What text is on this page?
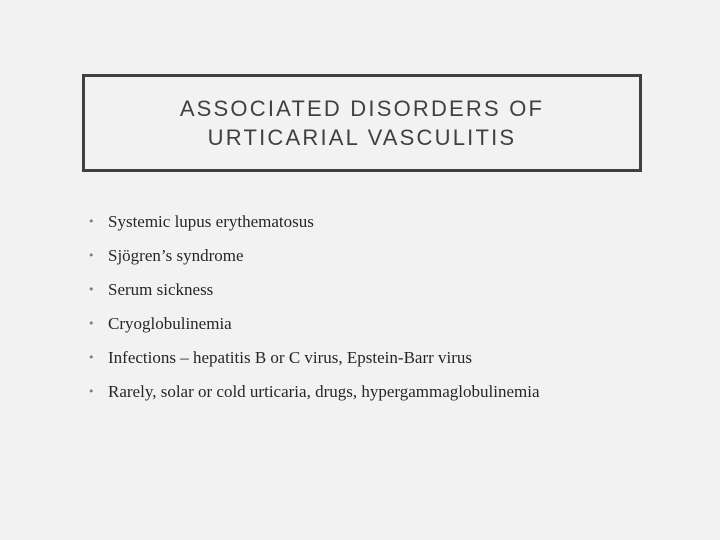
ASSOCIATED DISORDERS OF
URTICARIAL VASCULITIS
• Systemic lupus erythematosus
• Sjögren’s syndrome
• Serum sickness
• Cryoglobulinemia
• Infections – hepatitis B or C virus, Epstein-Barr virus
• Rarely, solar or cold urticaria, drugs, hypergammaglobulinemia
